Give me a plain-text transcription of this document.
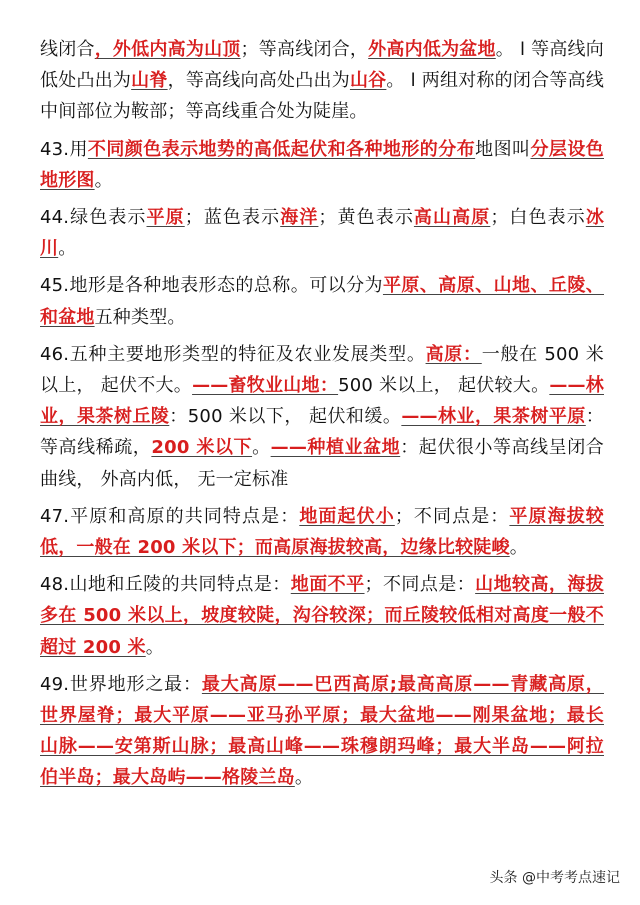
线闭合，外低内高为山顶；等高线闭合，外高内低为盆地。 l 等高线向低处凸出为山脊，等高线向高处凸出为山谷。 l 两组对称的闭合等高线中间部位为鞍部；等高线重合处为陡崖。

43.用不同颜色表示地势的高低起伏和各种地形的分布地图叫分层设色地形图。

44.绿色表示平原；蓝色表示海洋；黄色表示高山高原；白色表示冰川。

45.地形是各种地表形态的总称。可以分为平原、高原、山地、丘陵、和盆地五种类型。

46.五种主要地形类型的特征及农业发展类型。高原：一般在 500 米以上， 起伏不大。——畜牧业山地：500 米以上， 起伏较大。——林业，果茶树丘陵：500 米以下， 起伏和缓。——林业，果茶树平原：等高线稀疏，200 米以下。——种植业盆地：起伏很小等高线呈闭合曲线， 外高内低， 无一定标准

47.平原和高原的共同特点是：地面起伏小；不同点是：平原海拔较低，一般在 200 米以下；而高原海拔较高，边缘比较陡峻。

48.山地和丘陵的共同特点是：地面不平；不同点是：山地较高，海拔多在 500 米以上，坡度较陡，沟谷较深；而丘陵较低相对高度一般不超过 200 米。

49.世界地形之最：最大高原——巴西高原;最高高原——青藏高原，世界屋脊；最大平原——亚马孙平原；最大盆地——刚果盆地；最长山脉——安第斯山脉；最高山峰——珠穆朗玛峰；最大半岛——阿拉伯半岛；最大岛屿——格陵兰岛。

头条 @中考考点速记
